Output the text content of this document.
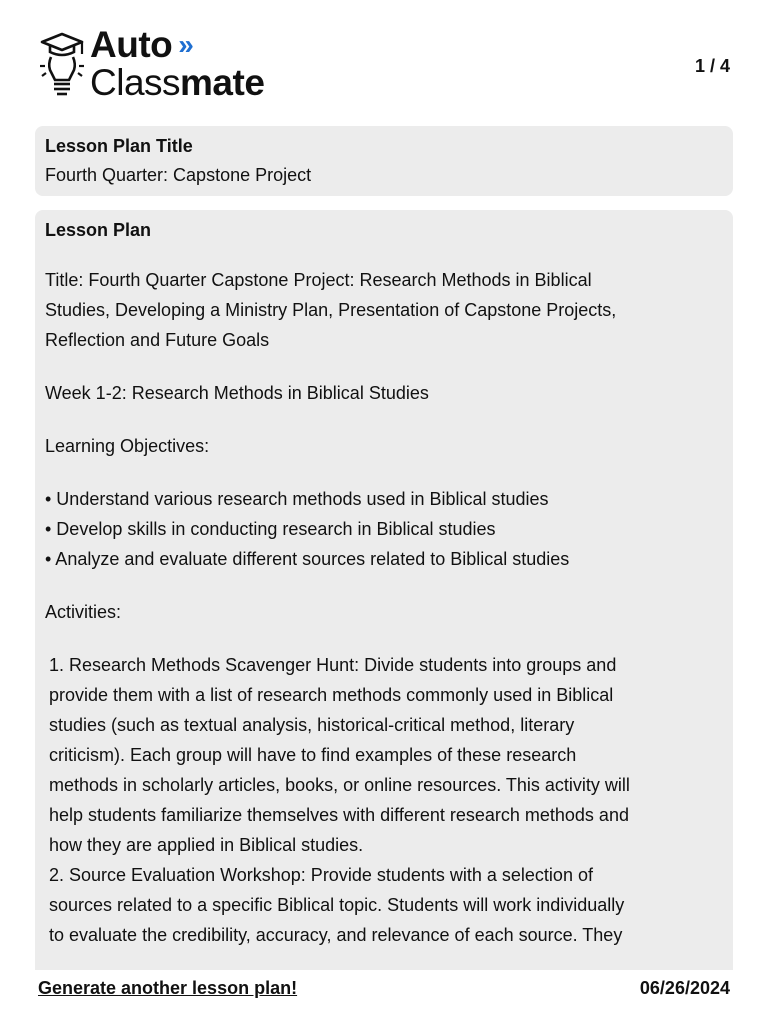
Auto »
Classmate	1 / 4
Lesson Plan Title
Fourth Quarter: Capstone Project
Lesson Plan
Title: Fourth Quarter Capstone Project: Research Methods in Biblical
Studies, Developing a Ministry Plan, Presentation of Capstone Projects,
Reflection and Future Goals
Week 1-2: Research Methods in Biblical Studies
Learning Objectives:
• Understand various research methods used in Biblical studies
• Develop skills in conducting research in Biblical studies
• Analyze and evaluate different sources related to Biblical studies
Activities:
1. Research Methods Scavenger Hunt: Divide students into groups and
provide them with a list of research methods commonly used in Biblical
studies (such as textual analysis, historical-critical method, literary
criticism). Each group will have to find examples of these research
methods in scholarly articles, books, or online resources. This activity will
help students familiarize themselves with different research methods and
how they are applied in Biblical studies.
2. Source Evaluation Workshop: Provide students with a selection of
sources related to a specific Biblical topic. Students will work individually
to evaluate the credibility, accuracy, and relevance of each source. They
Generate another lesson plan!	06/26/2024
